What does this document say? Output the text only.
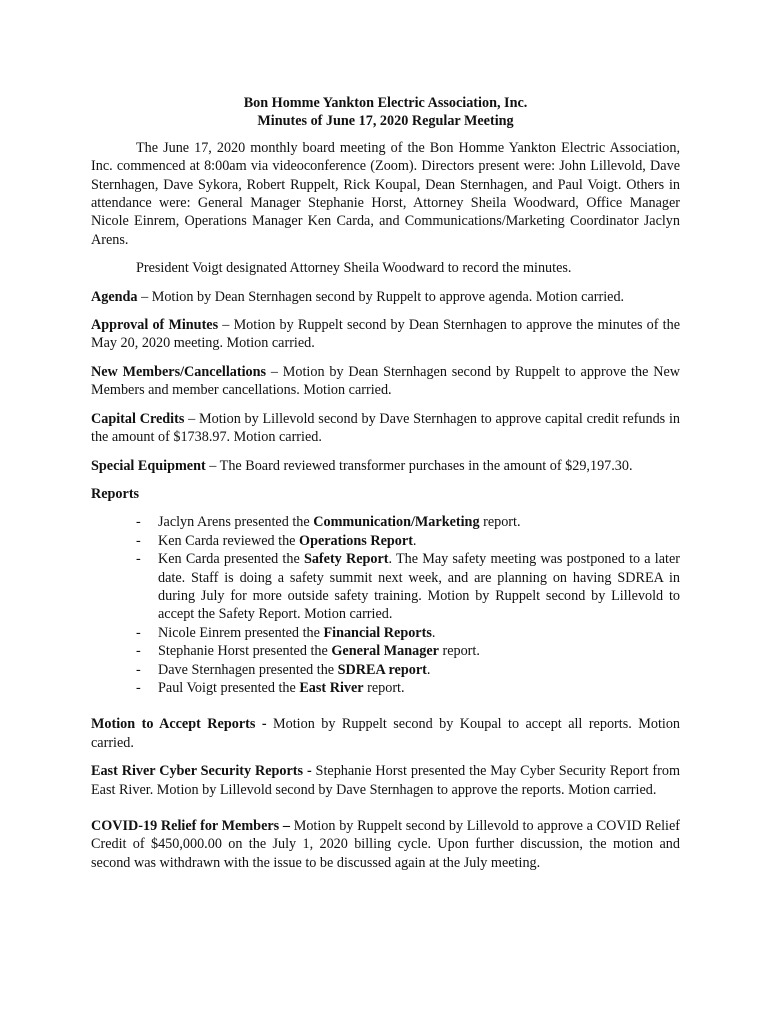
Bon Homme Yankton Electric Association, Inc.
Minutes of June 17, 2020 Regular Meeting

The June 17, 2020 monthly board meeting of the Bon Homme Yankton Electric Association, Inc. commenced at 8:00am via videoconference (Zoom). Directors present were: John Lillevold, Dave Sternhagen, Dave Sykora, Robert Ruppelt, Rick Koupal, Dean Sternhagen, and Paul Voigt. Others in attendance were: General Manager Stephanie Horst, Attorney Sheila Woodward, Office Manager Nicole Einrem, Operations Manager Ken Carda, and Communications/Marketing Coordinator Jaclyn Arens.

President Voigt designated Attorney Sheila Woodward to record the minutes.

Agenda – Motion by Dean Sternhagen second by Ruppelt to approve agenda. Motion carried.

Approval of Minutes – Motion by Ruppelt second by Dean Sternhagen to approve the minutes of the May 20, 2020 meeting. Motion carried.

New Members/Cancellations – Motion by Dean Sternhagen second by Ruppelt to approve the New Members and member cancellations. Motion carried.

Capital Credits – Motion by Lillevold second by Dave Sternhagen to approve capital credit refunds in the amount of $1738.97. Motion carried.

Special Equipment – The Board reviewed transformer purchases in the amount of $29,197.30.

Reports

- Jaclyn Arens presented the Communication/Marketing report.
- Ken Carda reviewed the Operations Report.
- Ken Carda presented the Safety Report. The May safety meeting was postponed to a later date. Staff is doing a safety summit next week, and are planning on having SDREA in during July for more outside safety training. Motion by Ruppelt second by Lillevold to accept the Safety Report. Motion carried.
- Nicole Einrem presented the Financial Reports.
- Stephanie Horst presented the General Manager report.
- Dave Sternhagen presented the SDREA report.
- Paul Voigt presented the East River report.

Motion to Accept Reports - Motion by Ruppelt second by Koupal to accept all reports. Motion carried.

East River Cyber Security Reports - Stephanie Horst presented the May Cyber Security Report from East River. Motion by Lillevold second by Dave Sternhagen to approve the reports. Motion carried.

COVID-19 Relief for Members – Motion by Ruppelt second by Lillevold to approve a COVID Relief Credit of $450,000.00 on the July 1, 2020 billing cycle. Upon further discussion, the motion and second was withdrawn with the issue to be discussed again at the July meeting.
